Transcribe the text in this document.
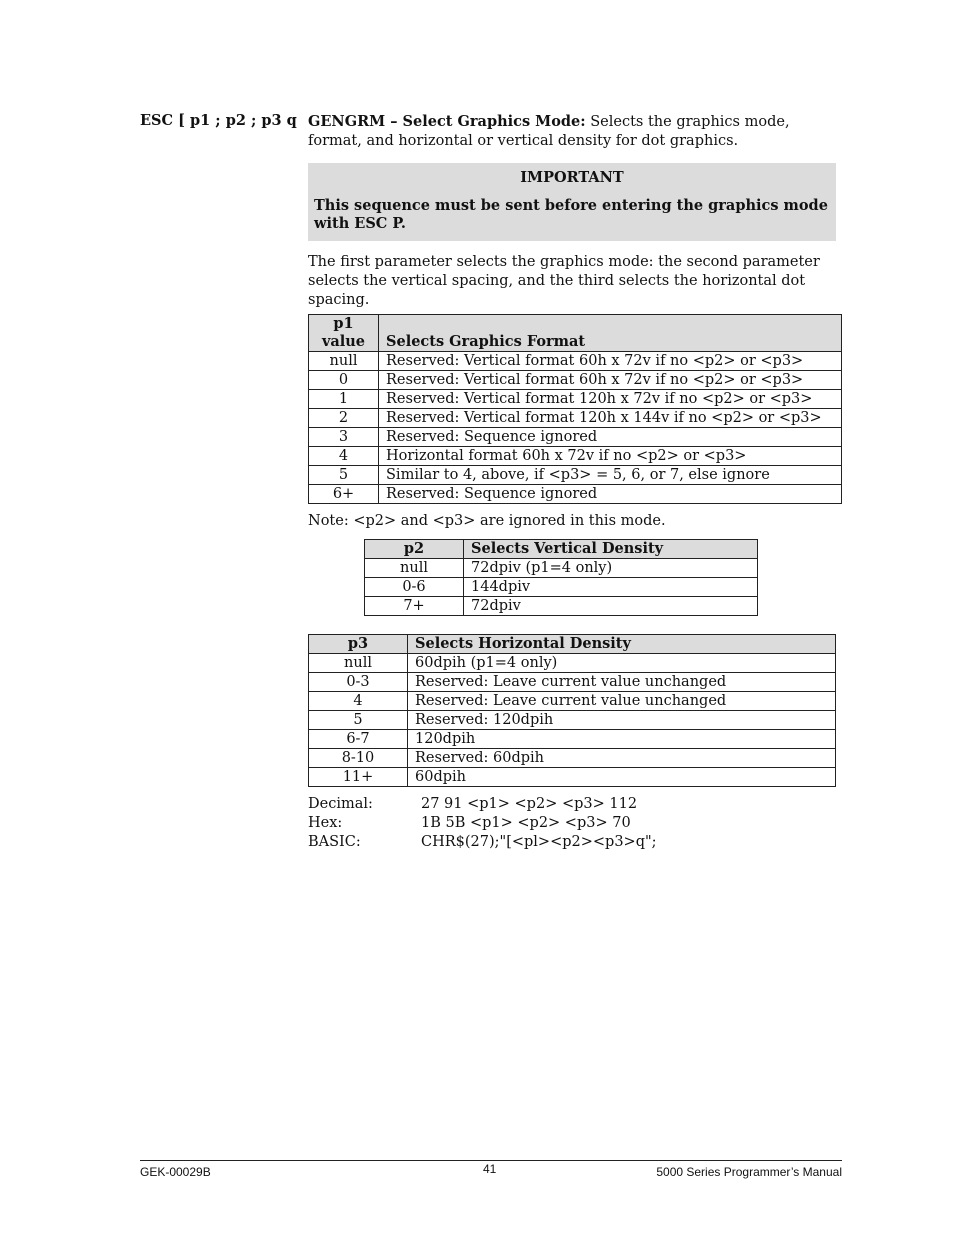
ESC [ p1 ; p2 ; p3 q GENGRM – Select Graphics Mode: Selects the graphics mode, format, and horizontal or vertical density for dot graphics.

IMPORTANT
This sequence must be sent before entering the graphics mode with ESC P.
The first parameter selects the graphics mode: the second parameter selects the vertical spacing, and the third selects the horizontal dot spacing.
p1
value	Selects Graphics Format
null	Reserved: Vertical format 60h x 72v if no <p2> or <p3>
0	Reserved: Vertical format 60h x 72v if no <p2> or <p3>
1	Reserved: Vertical format 120h x 72v if no <p2> or <p3>
2	Reserved: Vertical format 120h x 144v if no <p2> or <p3>
3	Reserved: Sequence ignored
4	Horizontal format 60h x 72v if no <p2> or <p3>
5	Similar to 4, above, if <p3> = 5, 6, or 7, else ignore
6+	Reserved: Sequence ignored
Note: <p2> and <p3> are ignored in this mode.
p2	Selects Vertical Density
null	72dpiv (p1=4 only)
0-6	144dpiv
7+	72dpiv
p3	Selects Horizontal Density
null	60dpih (p1=4 only)
0-3	Reserved: Leave current value unchanged
4	Reserved: Leave current value unchanged
5	Reserved: 120dpih
6-7	120dpih
8-10	Reserved: 60dpih
11+	60dpih
Decimal:	27 91 <p1> <p2> <p3> 112
Hex:	1B 5B <p1> <p2> <p3> 70
BASIC:	CHR$(27);"[<pl><p2><p3>q";
GEK-00029B	41	5000 Series Programmer’s Manual
